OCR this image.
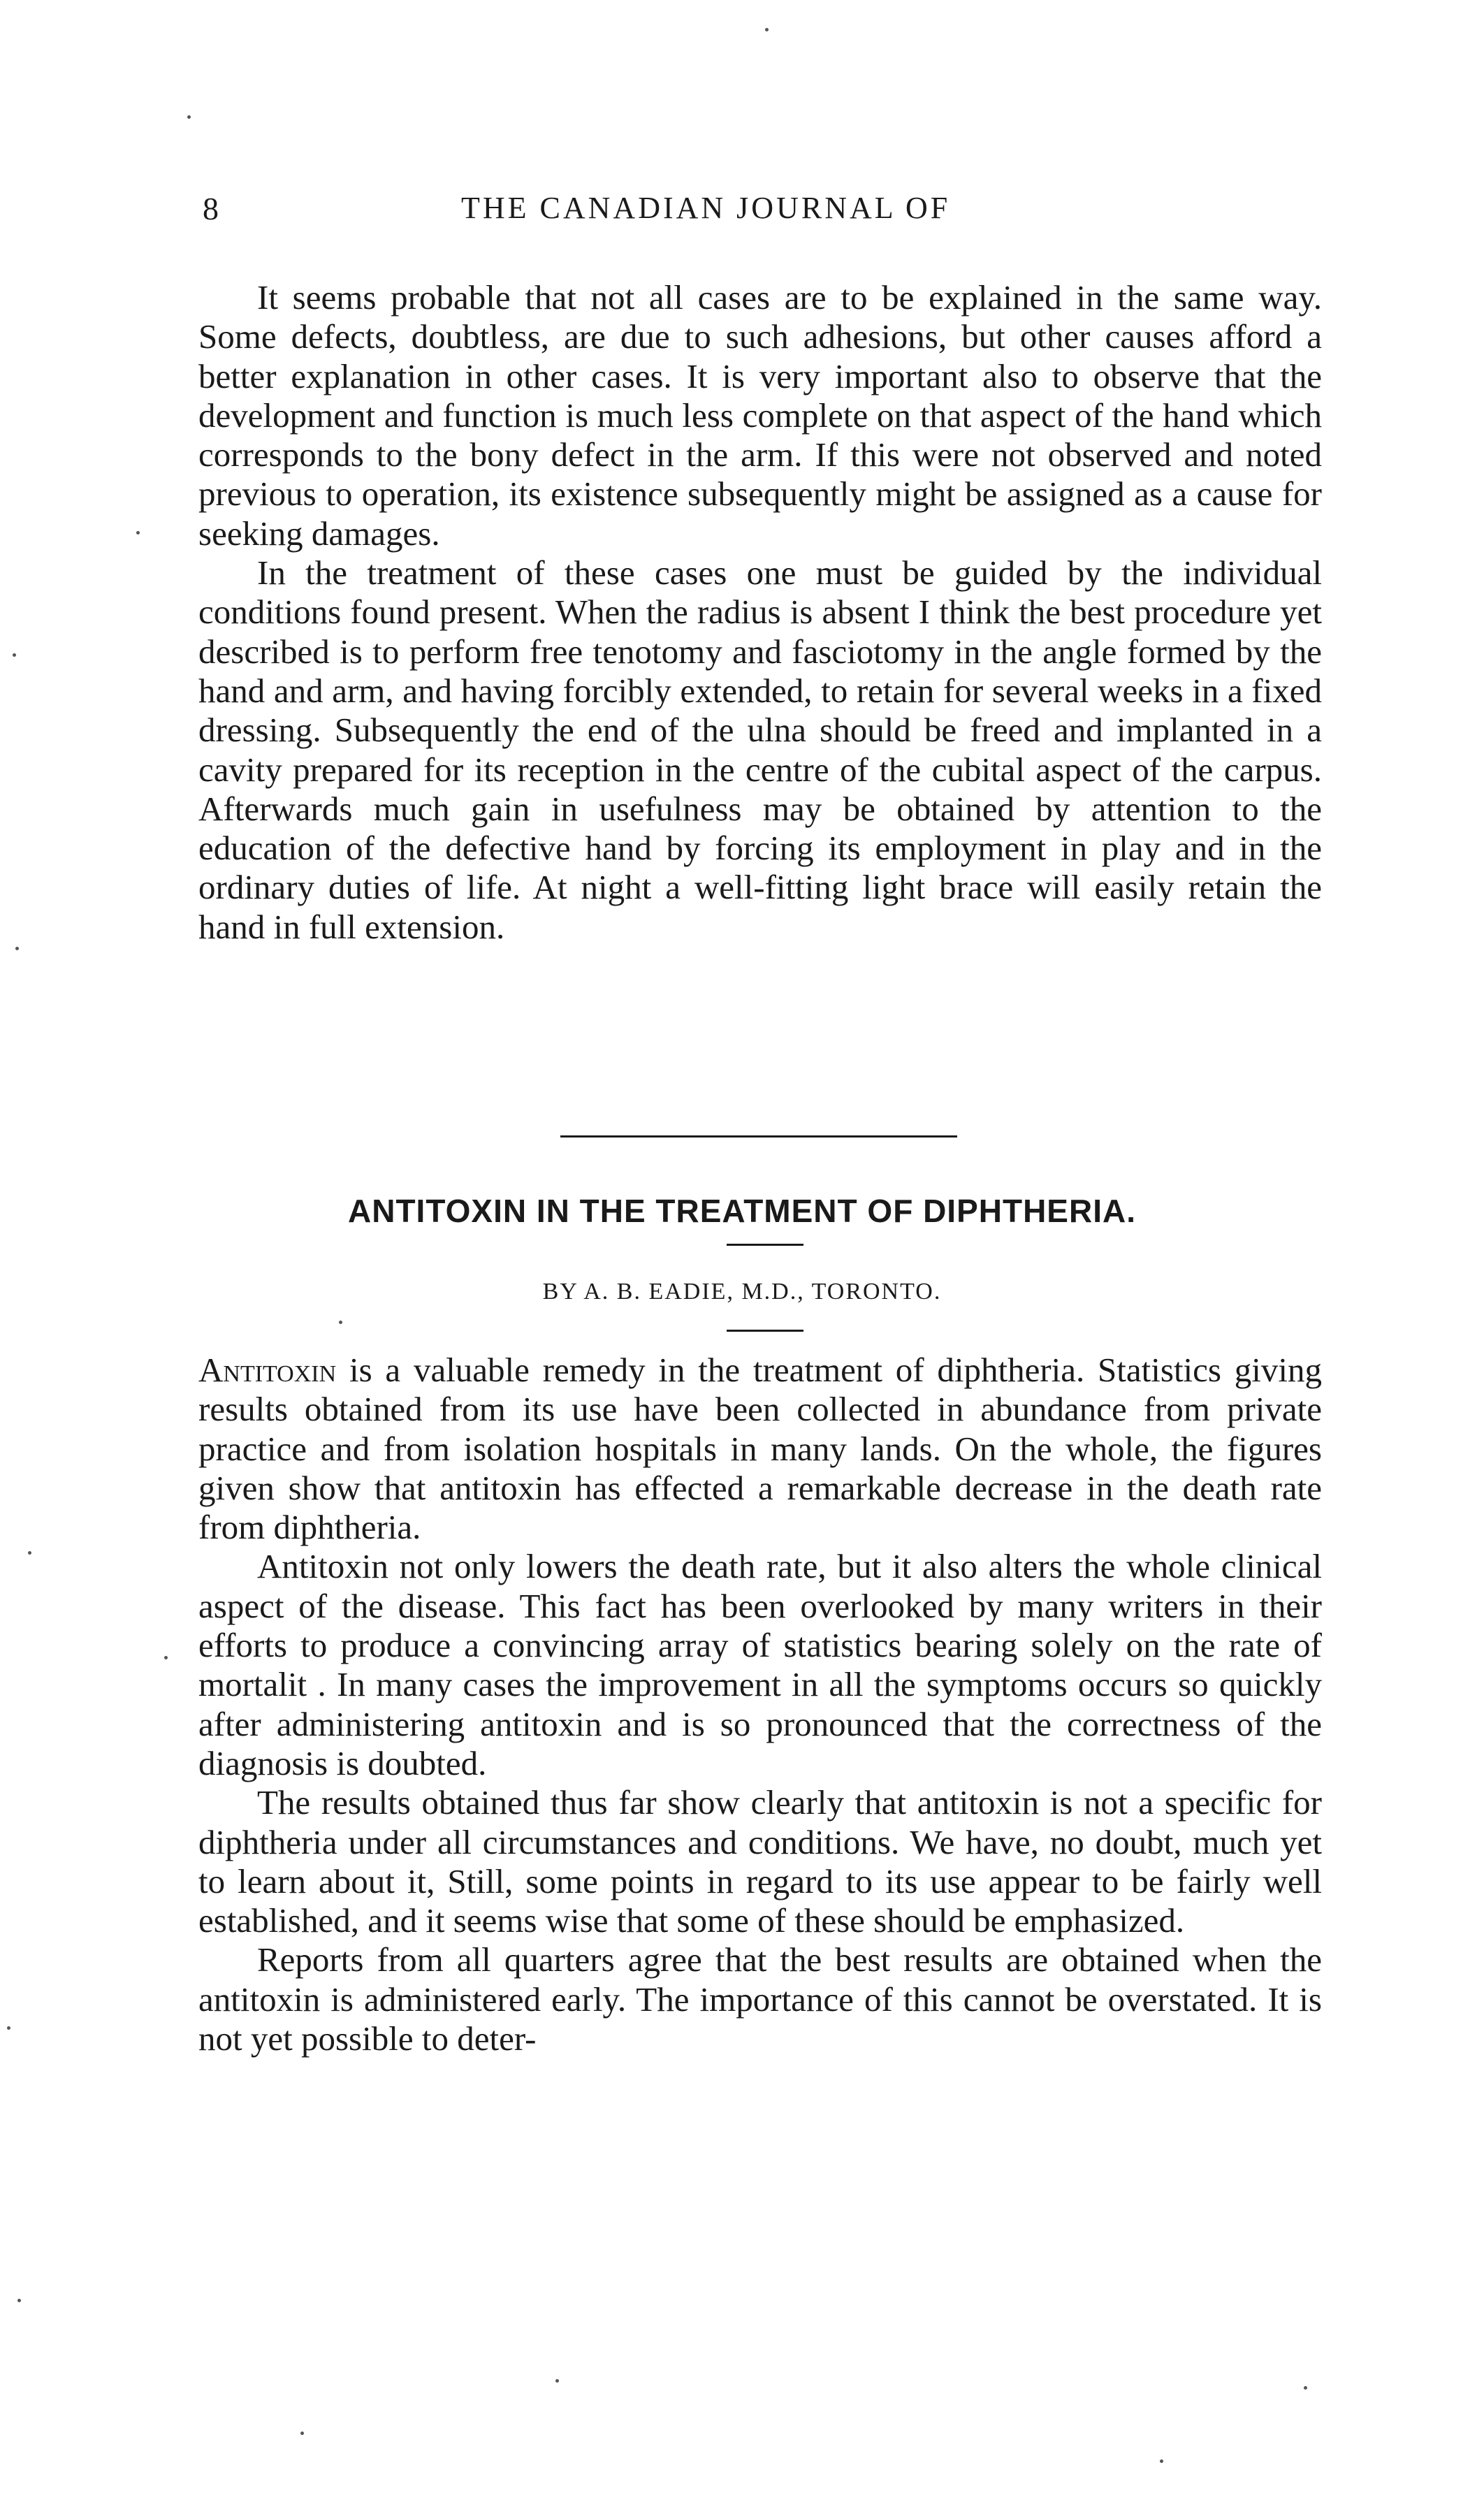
8	THE CANADIAN JOURNAL OF

It seems probable that not all cases are to be explained in the same way. Some defects, doubtless, are due to such adhesions, but other causes afford a better explanation in other cases. It is very important also to observe that the development and function is much less complete on that aspect of the hand which corresponds to the bony defect in the arm. If this were not observed and noted previous to operation, its existence subsequently might be assigned as a cause for seeking damages.

In the treatment of these cases one must be guided by the individual conditions found present. When the radius is absent I think the best procedure yet described is to perform free tenotomy and fasciotomy in the angle formed by the hand and arm, and having forcibly extended, to retain for several weeks in a fixed dressing. Subsequently the end of the ulna should be freed and implanted in a cavity prepared for its reception in the centre of the cubital aspect of the carpus. Afterwards much gain in usefulness may be obtained by attention to the education of the defective hand by forcing its employment in play and in the ordinary duties of life. At night a well-fitting light brace will easily retain the hand in full extension.

ANTITOXIN IN THE TREATMENT OF DIPHTHERIA.
BY A. B. EADIE, M.D., TORONTO.

Antitoxin is a valuable remedy in the treatment of diphtheria. Statistics giving results obtained from its use have been collected in abundance from private practice and from isolation hospitals in many lands. On the whole, the figures given show that antitoxin has effected a remarkable decrease in the death rate from diphtheria.

Antitoxin not only lowers the death rate, but it also alters the whole clinical aspect of the disease. This fact has been overlooked by many writers in their efforts to produce a convincing array of statistics bearing solely on the rate of mortalit . In many cases the improvement in all the symptoms occurs so quickly after administering antitoxin and is so pronounced that the correctness of the diagnosis is doubted.

The results obtained thus far show clearly that antitoxin is not a specific for diphtheria under all circumstances and conditions. We have, no doubt, much yet to learn about it, Still, some points in regard to its use appear to be fairly well established, and it seems wise that some of these should be emphasized.

Reports from all quarters agree that the best results are obtained when the antitoxin is administered early. The importance of this cannot be overstated. It is not yet possible to deter-
